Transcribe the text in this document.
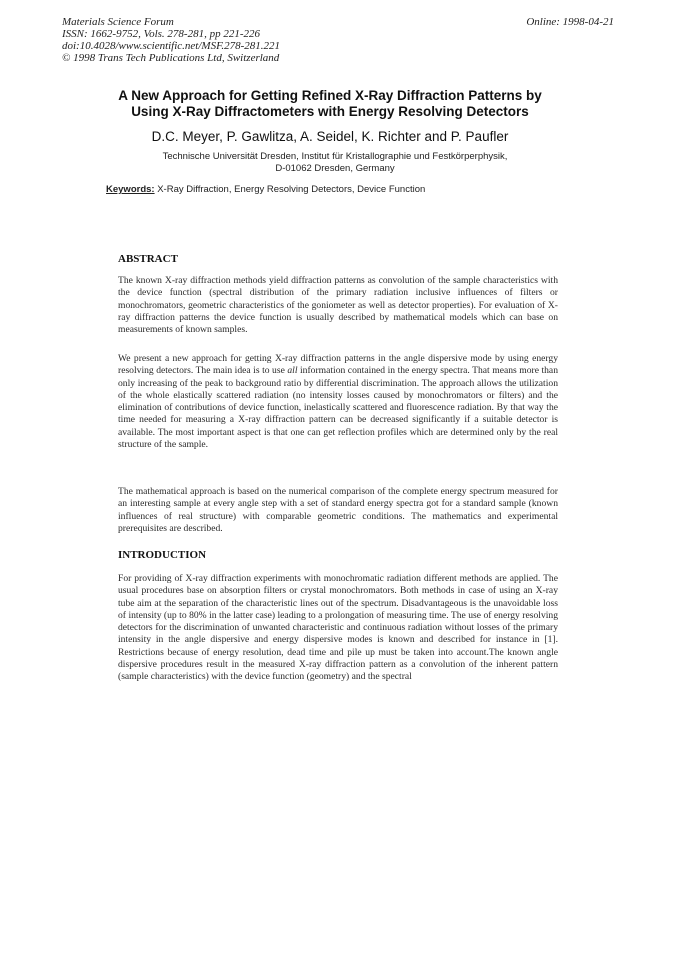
Materials Science Forum
ISSN: 1662-9752, Vols. 278-281, pp 221-226
doi:10.4028/www.scientific.net/MSF.278-281.221
© 1998 Trans Tech Publications Ltd, Switzerland
Online: 1998-04-21
A New Approach for Getting Refined X-Ray Diffraction Patterns by Using X-Ray Diffractometers with Energy Resolving Detectors
D.C. Meyer, P. Gawlitza, A. Seidel, K. Richter and P. Paufler
Technische Universität Dresden, Institut für Kristallographie und Festkörperphysik,
D-01062 Dresden, Germany
Keywords: X-Ray Diffraction, Energy Resolving Detectors, Device Function
ABSTRACT

The known X-ray diffraction methods yield diffraction patterns as convolution of the sample characteristics with the device function (spectral distribution of the primary radiation inclusive influences of filters or monochromators, geometric characteristics of the goniometer as well as detector properties). For evaluation of X-ray diffraction patterns the device function is usually described by mathematical models which can base on measurements of known samples.

We present a new approach for getting X-ray diffraction patterns in the angle dispersive mode by using energy resolving detectors. The main idea is to use all information contained in the energy spectra. That means more than only increasing of the peak to background ratio by differential discrimination. The approach allows the utilization of the whole elastically scattered radiation (no intensity losses caused by monochromators or filters) and the elimination of contributions of device function, inelastically scattered and fluorescence radiation. By that way the time needed for measuring a X-ray diffraction pattern can be decreased significantly if a suitable detector is available. The most important aspect is that one can get reflection profiles which are determined only by the real structure of the sample.

The mathematical approach is based on the numerical comparison of the complete energy spectrum measured for an interesting sample at every angle step with a set of standard energy spectra got for a standard sample (known influences of real structure) with comparable geometric conditions. The mathematics and experimental prerequisites are described.

INTRODUCTION

For providing of X-ray diffraction experiments with monochromatic radiation different methods are applied. The usual procedures base on absorption filters or crystal monochromators. Both methods in case of using an X-ray tube aim at the separation of the characteristic lines out of the spectrum. Disadvantageous is the unavoidable loss of intensity (up to 80% in the latter case) leading to a prolongation of measuring time. The use of energy resolving detectors for the discrimination of unwanted characteristic and continuous radiation without losses of the primary intensity in the angle dispersive and energy dispersive modes is known and described for instance in [1]. Restrictions because of energy resolution, dead time and pile up must be taken into account.The known angle dispersive procedures result in the measured X-ray diffraction pattern as a convolution of the inherent pattern (sample characteristics) with the device function (geometry) and the spectral
